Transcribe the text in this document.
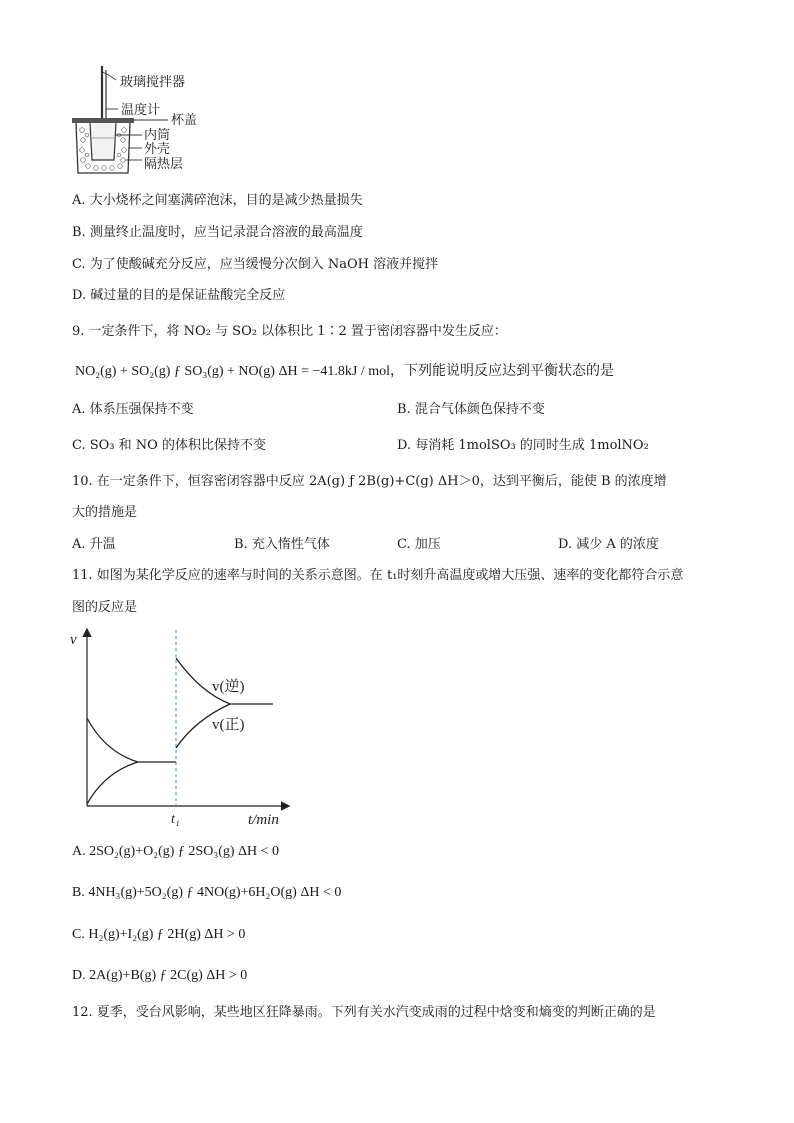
玻璃搅拌器
温度计
杯盖
内筒
外壳
隔热层
A. 大小烧杯之间塞满碎泡沫，目的是减少热量损失
B. 测量终止温度时，应当记录混合溶液的最高温度
C. 为了使酸碱充分反应，应当缓慢分次倒入 NaOH 溶液并搅拌
D. 碱过量的目的是保证盐酸完全反应
9. 一定条件下，将 NO₂ 与 SO₂ 以体积比 1∶2 置于密闭容器中发生反应：
NO₂(g) + SO₂(g) ƒ SO₃(g) + NO(g) ΔH = −41.8kJ / mol，下列能说明反应达到平衡状态的是
A. 体系压强保持不变	B. 混合气体颜色保持不变
C. SO₃ 和 NO 的体积比保持不变	D. 每消耗 1molSO₃ 的同时生成 1molNO₂
10. 在一定条件下，恒容密闭容器中反应 2A(g) ƒ 2B(g)+C(g) ΔH＞0，达到平衡后，能使 B 的浓度增
大的措施是
A. 升温	B. 充入惰性气体	C. 加压	D. 减少 A 的浓度
11. 如图为某化学反应的速率与时间的关系示意图。在 t₁时刻升高温度或增大压强、速率的变化都符合示意
图的反应是
v
t₁	t/min
v(逆)
v(正)
A. 2SO₂(g)+O₂(g) ƒ 2SO₃(g) ΔH < 0
B. 4NH₃(g)+5O₂(g) ƒ 4NO(g)+6H₂O(g) ΔH < 0
C. H₂(g)+I₂(g) ƒ 2H(g) ΔH > 0
D. 2A(g)+B(g) ƒ 2C(g) ΔH > 0
12. 夏季，受台风影响，某些地区狂降暴雨。下列有关水汽变成雨的过程中焓变和熵变的判断正确的是
